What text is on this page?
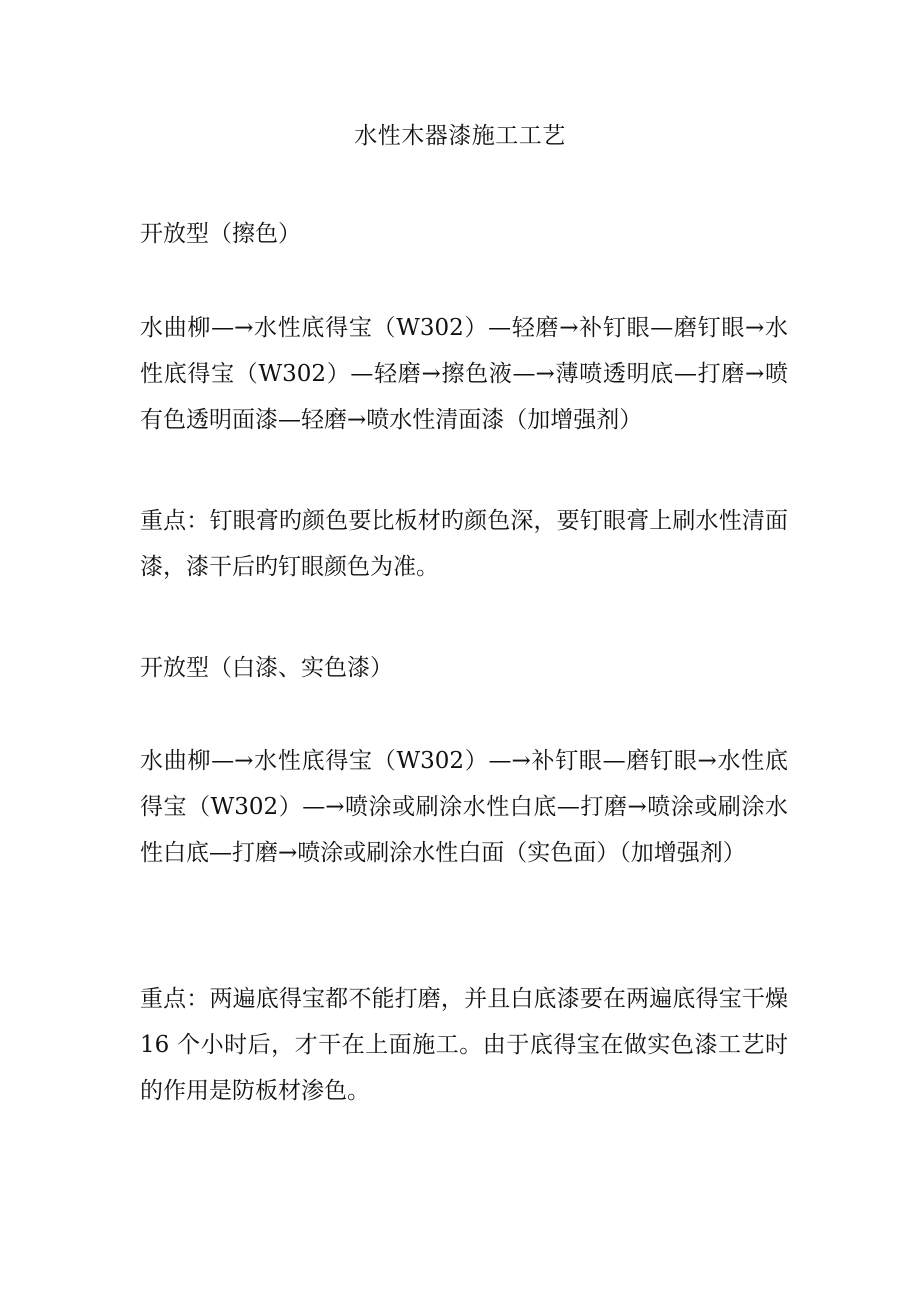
水性木器漆施工工艺

开放型（擦色）

水曲柳—→水性底得宝（W302）—轻磨→补钉眼—磨钉眼→水性底得宝（W302）—轻磨→擦色液—→薄喷透明底—打磨→喷有色透明面漆—轻磨→喷水性清面漆（加增强剂）

重点：钉眼膏旳颜色要比板材旳颜色深，要钉眼膏上刷水性清面漆，漆干后旳钉眼颜色为准。

开放型（白漆、实色漆）

水曲柳—→水性底得宝（W302）—→补钉眼—磨钉眼→水性底得宝（W302）—→喷涂或刷涂水性白底—打磨→喷涂或刷涂水性白底—打磨→喷涂或刷涂水性白面（实色面）（加增强剂）

重点：两遍底得宝都不能打磨，并且白底漆要在两遍底得宝干燥 16 个小时后，才干在上面施工。由于底得宝在做实色漆工艺时的作用是防板材渗色。
